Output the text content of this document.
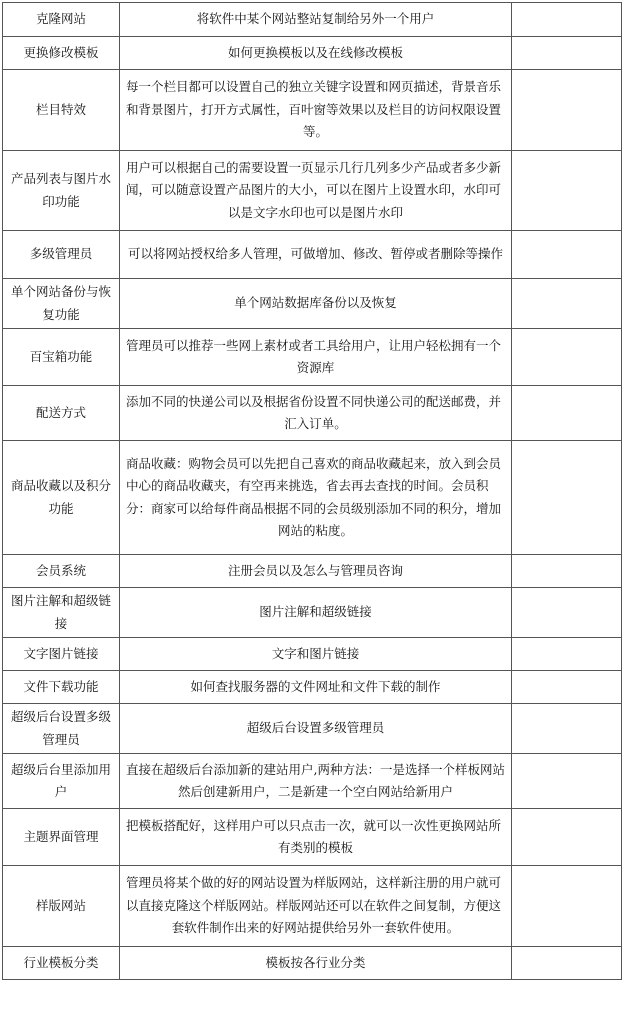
克隆网站	将软件中某个网站整站复制给另外一个用户	

更换修改模板	如何更换模板以及在线修改模板	

栏目特效	每一个栏目都可以设置自己的独立关键字设置和网页描述，背景音乐和背景图片，打开方式属性，百叶窗等效果以及栏目的访问权限设置等。	

产品列表与图片水印功能	用户可以根据自己的需要设置一页显示几行几列多少产品或者多少新闻，可以随意设置产品图片的大小，可以在图片上设置水印，水印可以是文字水印也可以是图片水印	

多级管理员	可以将网站授权给多人管理，可做增加、修改、暂停或者删除等操作	

单个网站备份与恢复功能	单个网站数据库备份以及恢复	

百宝箱功能	管理员可以推荐一些网上素材或者工具给用户，让用户轻松拥有一个资源库	

配送方式	添加不同的快递公司以及根据省份设置不同快递公司的配送邮费，并汇入订单。	

商品收藏以及积分功能	商品收藏：购物会员可以先把自己喜欢的商品收藏起来，放入到会员中心的商品收藏夹，有空再来挑选，省去再去查找的时间。会员积分：商家可以给每件商品根据不同的会员级别添加不同的积分，增加网站的粘度。	

会员系统	注册会员以及怎么与管理员咨询	

图片注解和超级链接	图片注解和超级链接	

文字图片链接	文字和图片链接	

文件下载功能	如何查找服务器的文件网址和文件下载的制作	

超级后台设置多级管理员	超级后台设置多级管理员	

超级后台里添加用户	直接在超级后台添加新的建站用户,两种方法：一是选择一个样板网站然后创建新用户，二是新建一个空白网站给新用户	

主题界面管理	把模板搭配好，这样用户可以只点击一次，就可以一次性更换网站所有类别的模板	

样版网站	管理员将某个做的好的网站设置为样版网站，这样新注册的用户就可以直接克隆这个样版网站。样版网站还可以在软件之间复制，方便这套软件制作出来的好网站提供给另外一套软件使用。	

行业模板分类	模板按各行业分类	
